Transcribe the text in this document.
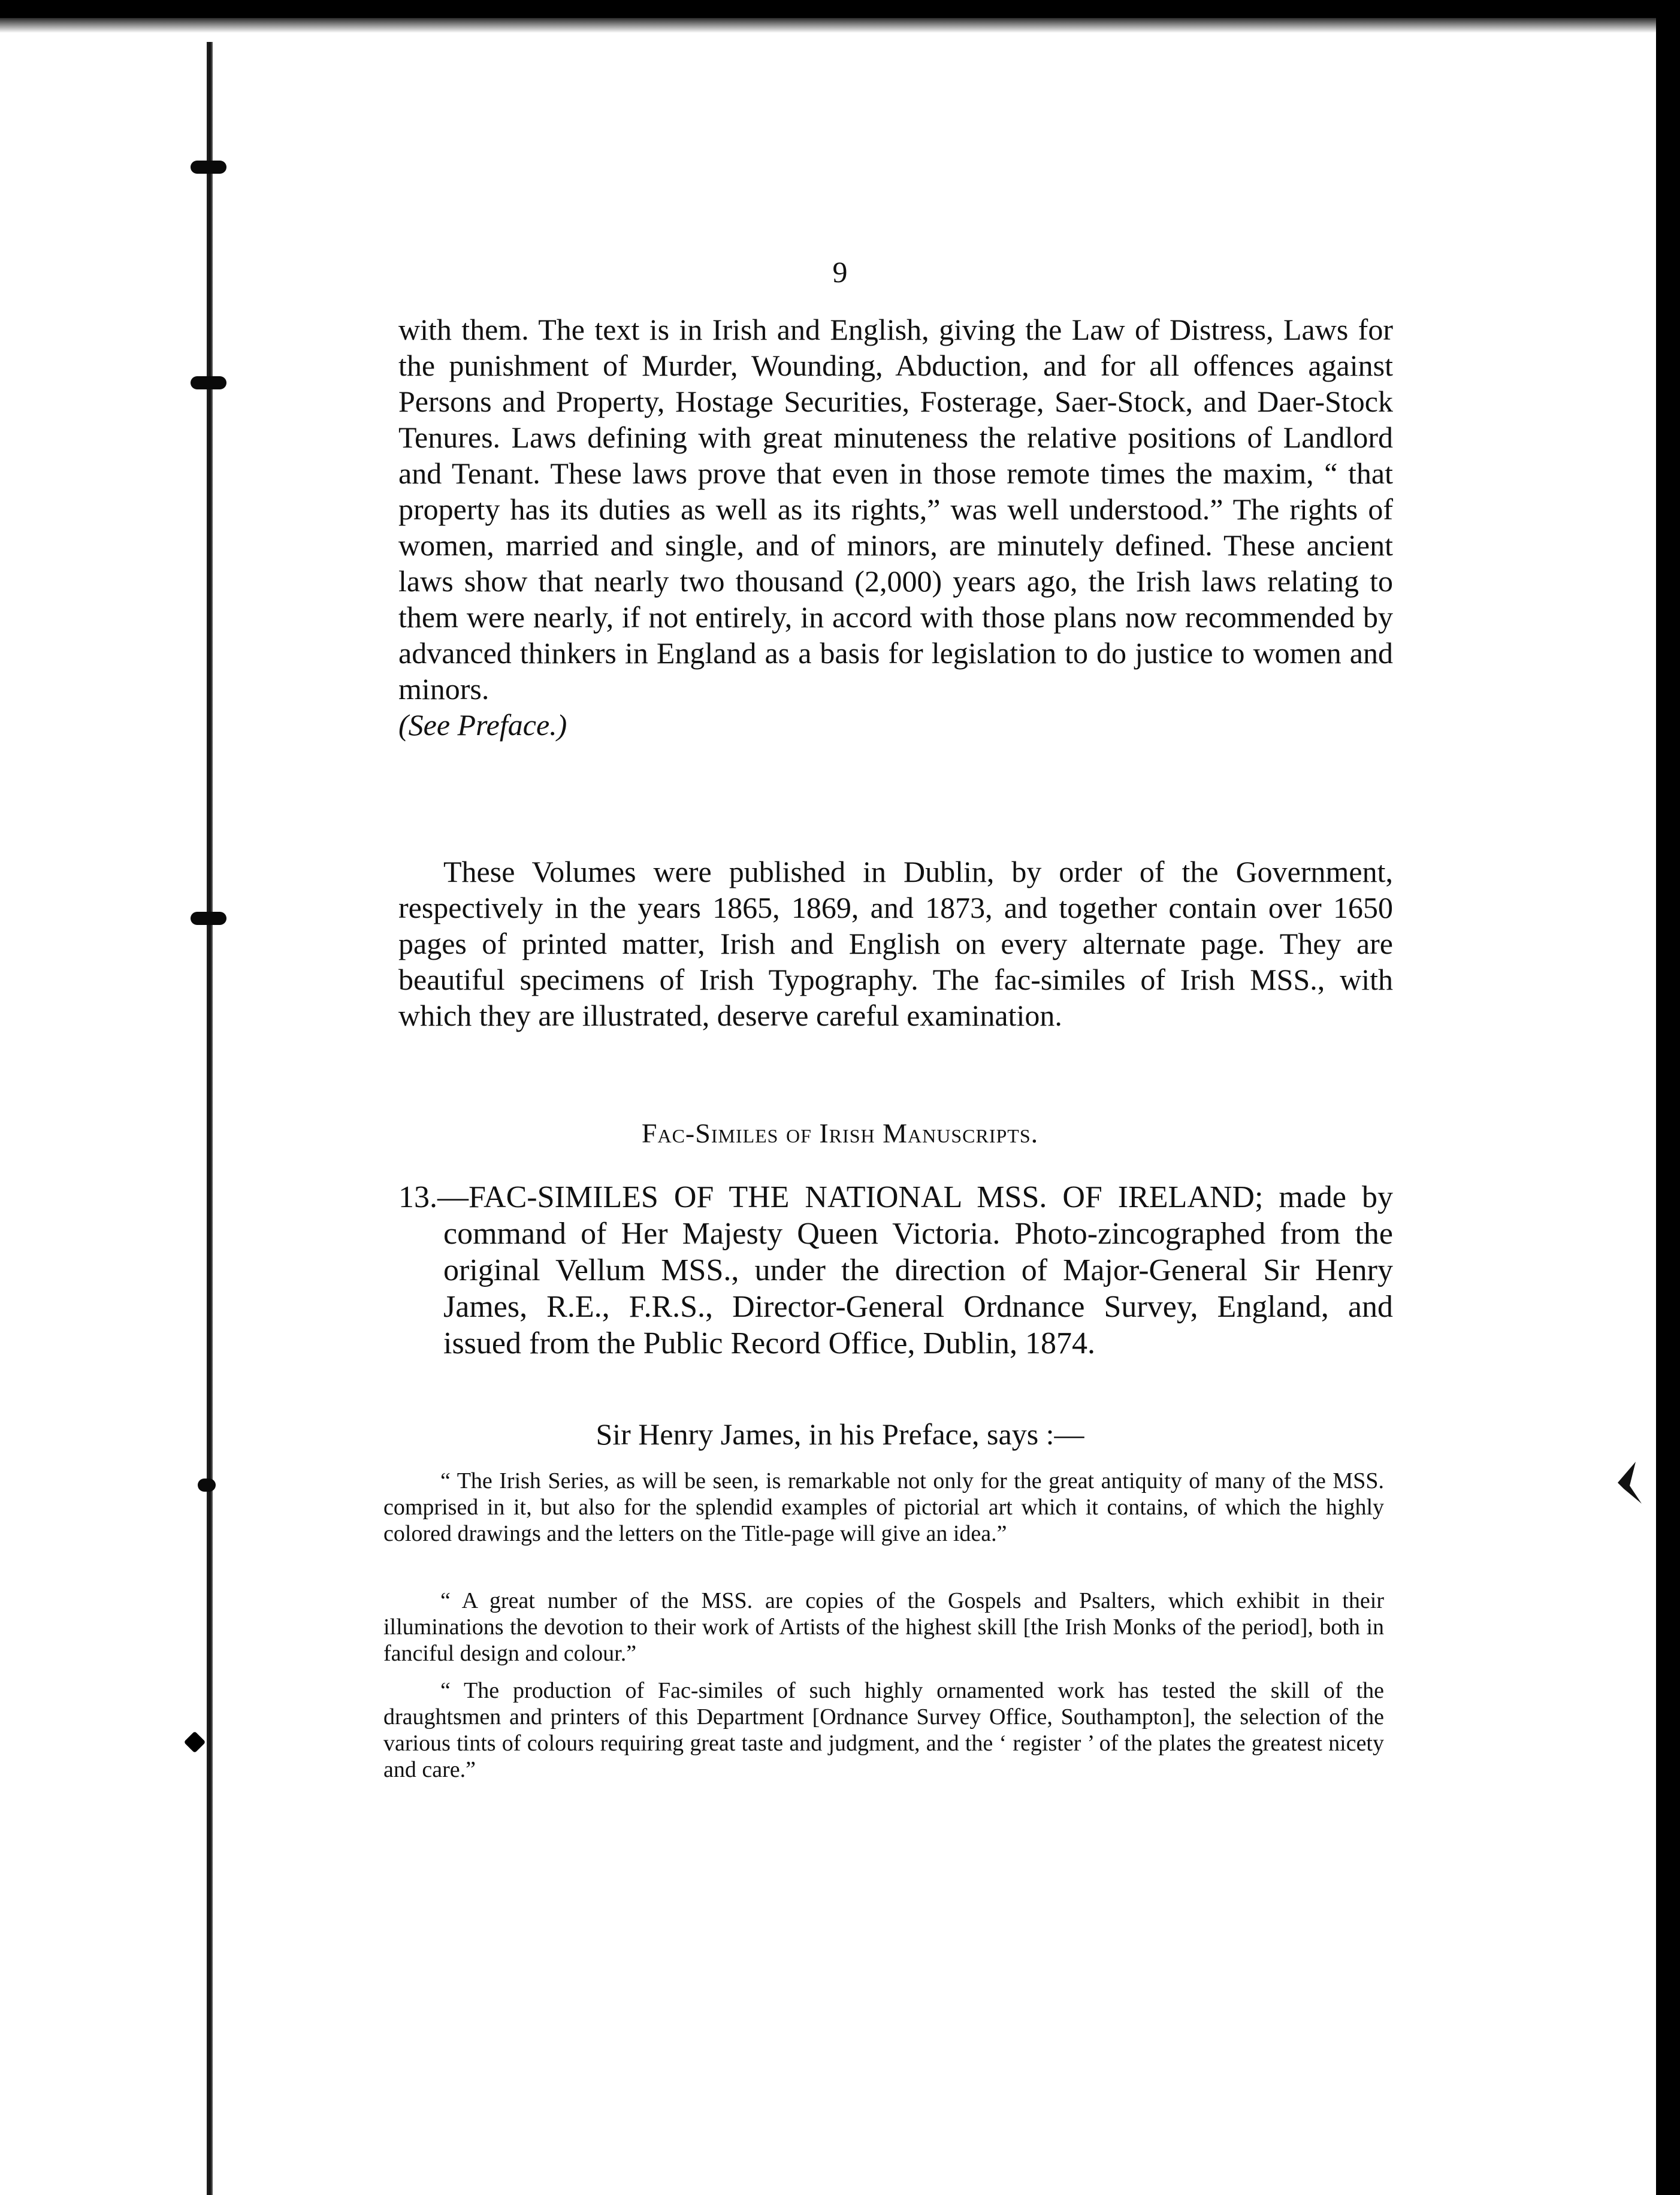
9

with them. The text is in Irish and English, giving the Law of Distress, Laws for the punishment of Murder, Wounding, Abduction, and for all offences against Persons and Property, Hostage Securities, Fosterage, Saer-Stock, and Daer-Stock Tenures. Laws defining with great minuteness the relative positions of Landlord and Tenant. These laws prove that even in those remote times the maxim, “ that property has its duties as well as its rights,” was well understood.” The rights of women, married and single, and of minors, are minutely defined. These ancient laws show that nearly two thousand (2,000) years ago, the Irish laws relating to them were nearly, if not entirely, in accord with those plans now recommended by advanced thinkers in England as a basis for legislation to do justice to women and minors.
(See Preface.)

These Volumes were published in Dublin, by order of the Government, respectively in the years 1865, 1869, and 1873, and together contain over 1650 pages of printed matter, Irish and English on every alternate page. They are beautiful specimens of Irish Typography. The fac-similes of Irish MSS., with which they are illustrated, deserve careful examination.

Fac-Similes of Irish Manuscripts.

13.—FAC-SIMILES OF THE NATIONAL MSS. OF IRELAND; made by command of Her Majesty Queen Victoria. Photo-zincographed from the original Vellum MSS., under the direction of Major-General Sir Henry James, R.E., F.R.S., Director-General Ordnance Survey, England, and issued from the Public Record Office, Dublin, 1874.

Sir Henry James, in his Preface, says :—

“ The Irish Series, as will be seen, is remarkable not only for the great antiquity of many of the MSS. comprised in it, but also for the splendid examples of pictorial art which it contains, of which the highly colored drawings and the letters on the Title-page will give an idea.”

“ A great number of the MSS. are copies of the Gospels and Psalters, which exhibit in their illuminations the devotion to their work of Artists of the highest skill [the Irish Monks of the period], both in fanciful design and colour.”

“ The production of Fac-similes of such highly ornamented work has tested the skill of the draughtsmen and printers of this Department [Ordnance Survey Office, Southampton], the selection of the various tints of colours requiring great taste and judgment, and the ‘ register ’ of the plates the greatest nicety and care.”
